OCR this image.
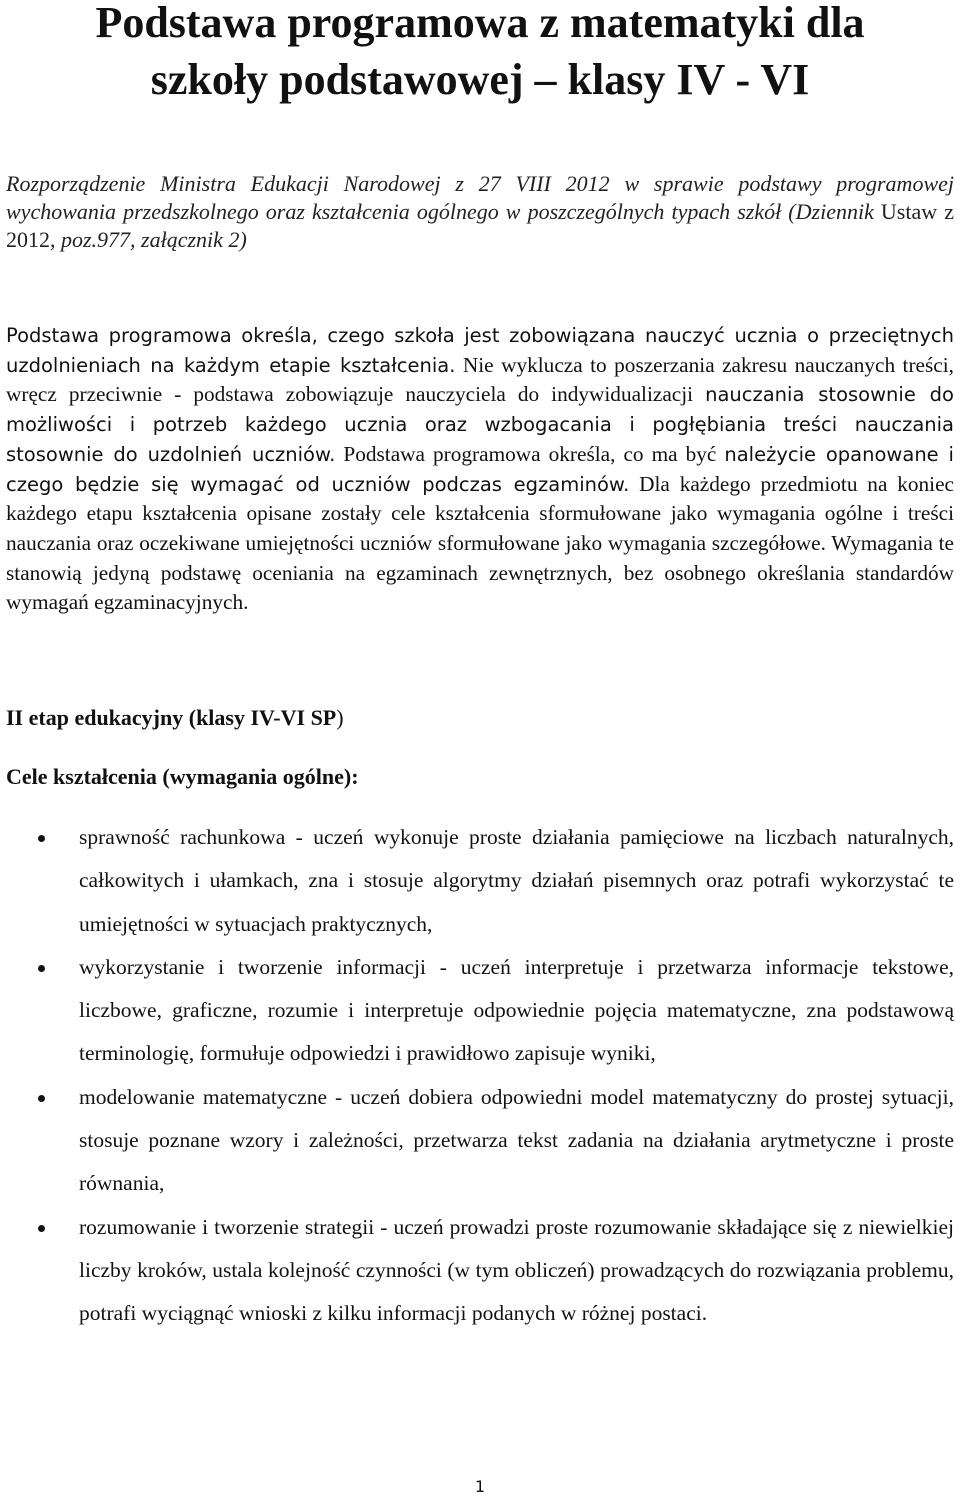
Podstawa programowa z matematyki dla
szkoły podstawowej – klasy IV - VI

Rozporządzenie Ministra Edukacji Narodowej z 27 VIII 2012 w sprawie podstawy programowej wychowania przedszkolnego oraz kształcenia ogólnego w poszczególnych typach szkół (Dziennik Ustaw z 2012, poz.977, załącznik 2)

Podstawa programowa określa, czego szkoła jest zobowiązana nauczyć ucznia o przeciętnych uzdolnieniach na każdym etapie kształcenia. Nie wyklucza to poszerzania zakresu nauczanych treści, wręcz przeciwnie - podstawa zobowiązuje nauczyciela do indywidualizacji nauczania stosownie do możliwości i potrzeb każdego ucznia oraz wzbogacania i pogłębiania treści nauczania stosownie do uzdolnień uczniów. Podstawa programowa określa, co ma być należycie opanowane i czego będzie się wymagać od uczniów podczas egzaminów. Dla każdego przedmiotu na koniec każdego etapu kształcenia opisane zostały cele kształcenia sformułowane jako wymagania ogólne i treści nauczania oraz oczekiwane umiejętności uczniów sformułowane jako wymagania szczegółowe. Wymagania te stanowią jedyną podstawę oceniania na egzaminach zewnętrznych, bez osobnego określania standardów wymagań egzaminacyjnych.

II etap edukacyjny (klasy IV-VI SP)

Cele kształcenia (wymagania ogólne):

sprawność rachunkowa - uczeń wykonuje proste działania pamięciowe na liczbach naturalnych, całkowitych i ułamkach, zna i stosuje algorytmy działań pisemnych oraz potrafi wykorzystać te umiejętności w sytuacjach praktycznych,
wykorzystanie i tworzenie informacji - uczeń interpretuje i przetwarza informacje tekstowe, liczbowe, graficzne, rozumie i interpretuje odpowiednie pojęcia matematyczne, zna podstawową terminologię, formułuje odpowiedzi i prawidłowo zapisuje wyniki,
modelowanie matematyczne - uczeń dobiera odpowiedni model matematyczny do prostej sytuacji, stosuje poznane wzory i zależności, przetwarza tekst zadania na działania arytmetyczne i proste równania,
rozumowanie i tworzenie strategii - uczeń prowadzi proste rozumowanie składające się z niewielkiej liczby kroków, ustala kolejność czynności (w tym obliczeń) prowadzących do rozwiązania problemu, potrafi wyciągnąć wnioski z kilku informacji podanych w różnej postaci.
1
